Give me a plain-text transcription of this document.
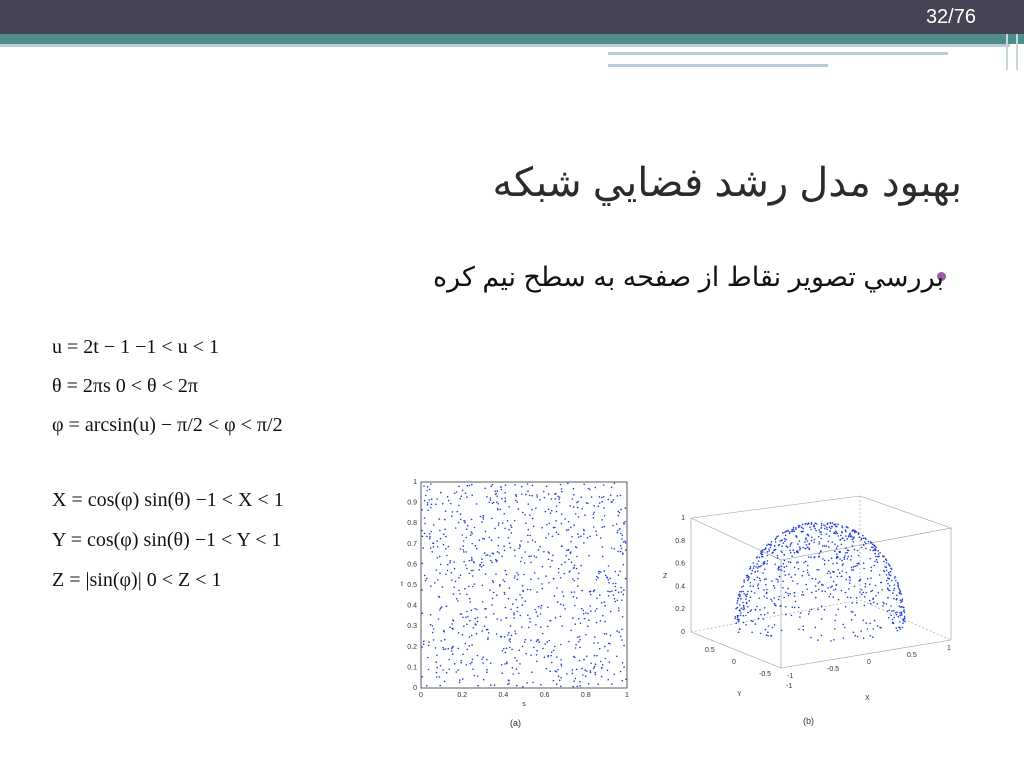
32/76
بهبود مدل رشد فضايي شبکه
بررسي تصوير نقاط از صفحه به سطح نيم کره
u = 2t − 1 −1 < u < 1
θ = 2πs 0 < θ < 2π
φ = arcsin(u) − π/2 < φ < π/2
X = cos(φ) sin(θ) −1 < X < 1
Y = cos(φ) sin(θ) −1 < Y < 1
Z = |sin(φ)| 0 < Z < 1
0	0.2	0.4	0.6	0.8	1
0
0.1
0.2
0.3
0.4
0.5
0.6
0.7
0.8
0.9
1
s
t
(a)
0
0.2
0.4
0.6
0.8
1
0.5
0
-0.5
-1
-1
-0.5
0
0.5
1
Z
Y
X
(b)
